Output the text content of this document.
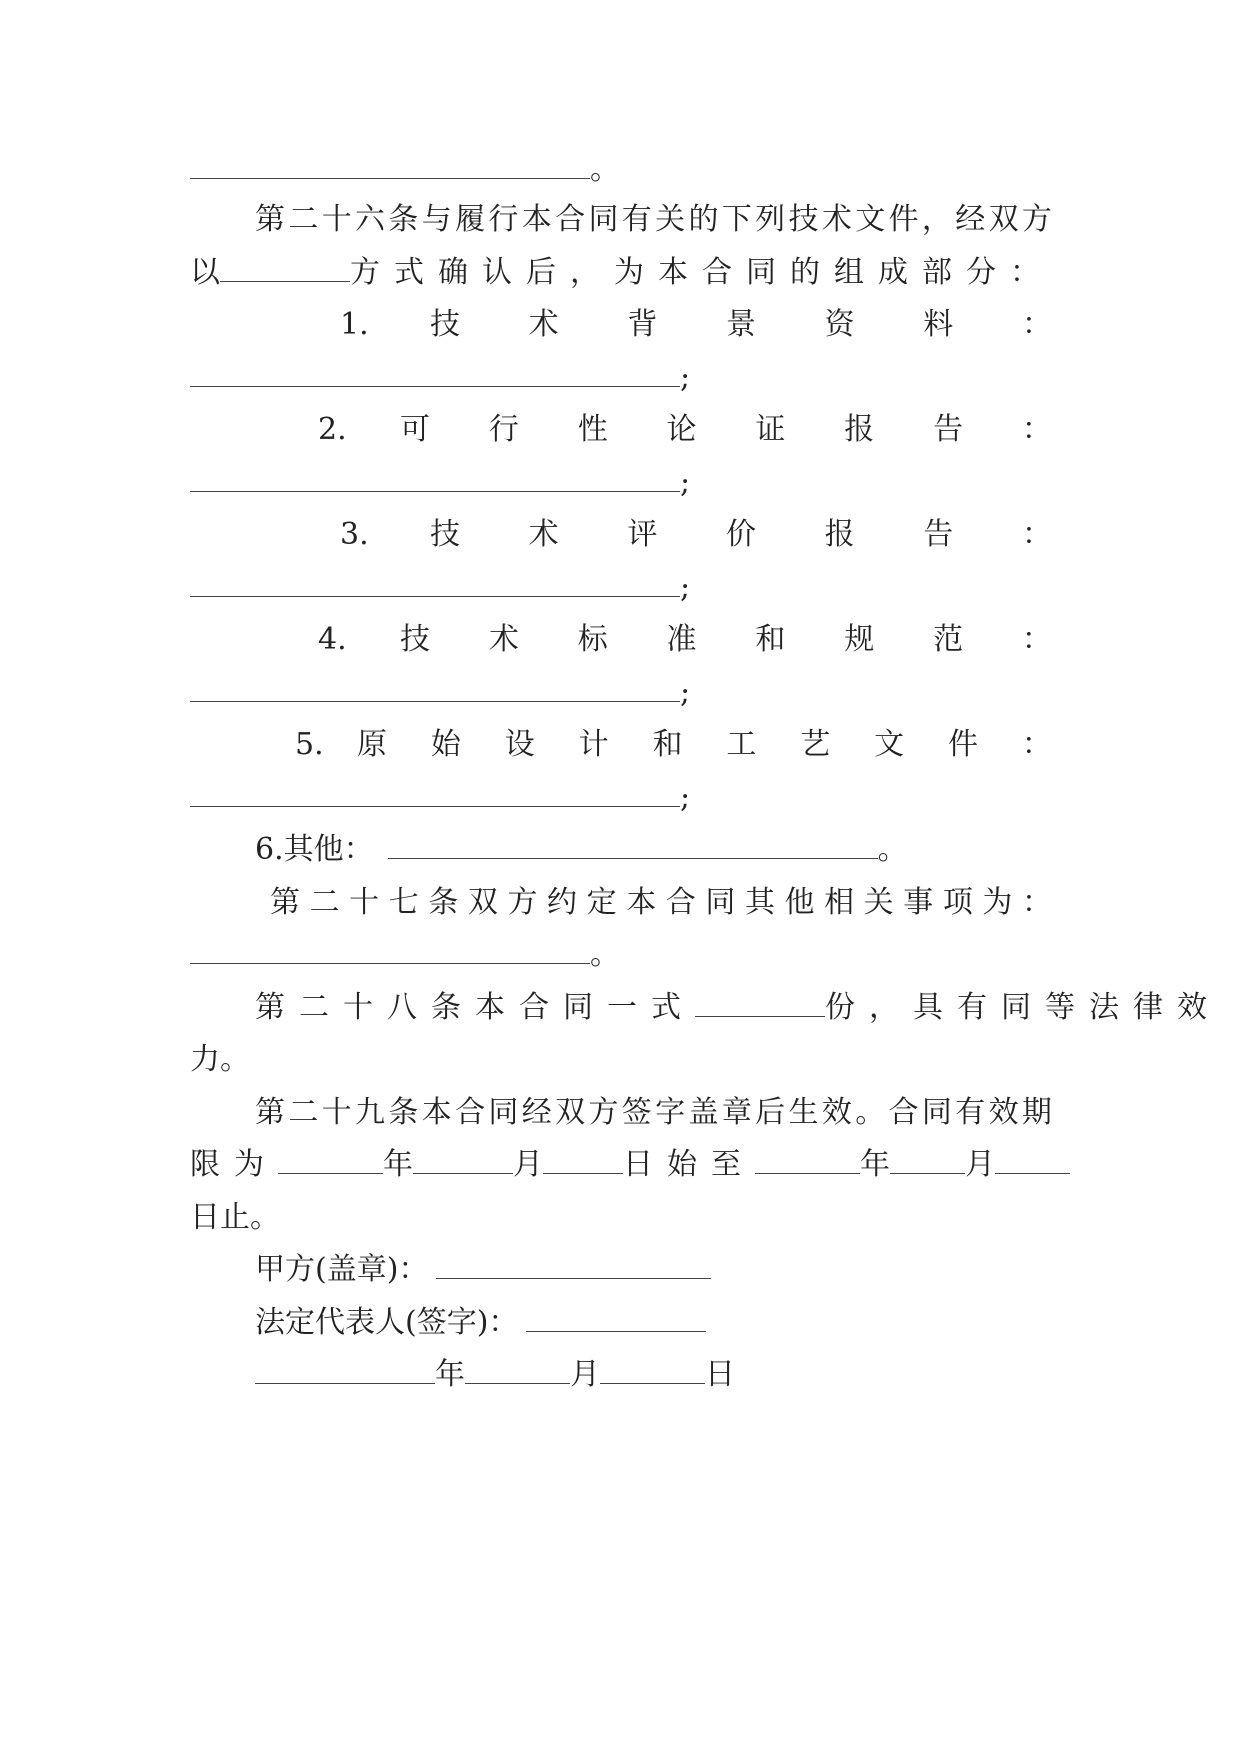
。
第 二 十 六 条 与 履 行 本 合 同 有 关 的 下 列 技 术 文 件 ， 经 双 方
以	方式确认后，为本合同的组成部分：
1.	技 术 背 景 资 料 ：
;
2.	可 行 性 论 证 报 告 ：
;
3.	技 术 评 价 报 告 ：
;
4.	技 术 标 准 和 规 范 ：
;
5.	原 始 设 计 和 工 艺 文 件 ：
;
6.其他：	。
第 二 十 七 条 双 方 约 定 本 合 同 其 他 相 关 事 项 为 ：
。
第二十八条本合同一式	份，具有同等法律效
力。
第 二 十 九 条 本 合 同 经 双 方 签 字 盖 章 后 生 效 。 合 同 有 效 期
限为	年	月	日始至	年	月
日止。
甲方(盖章)：
法定代表人(签字)：
年	月	日
